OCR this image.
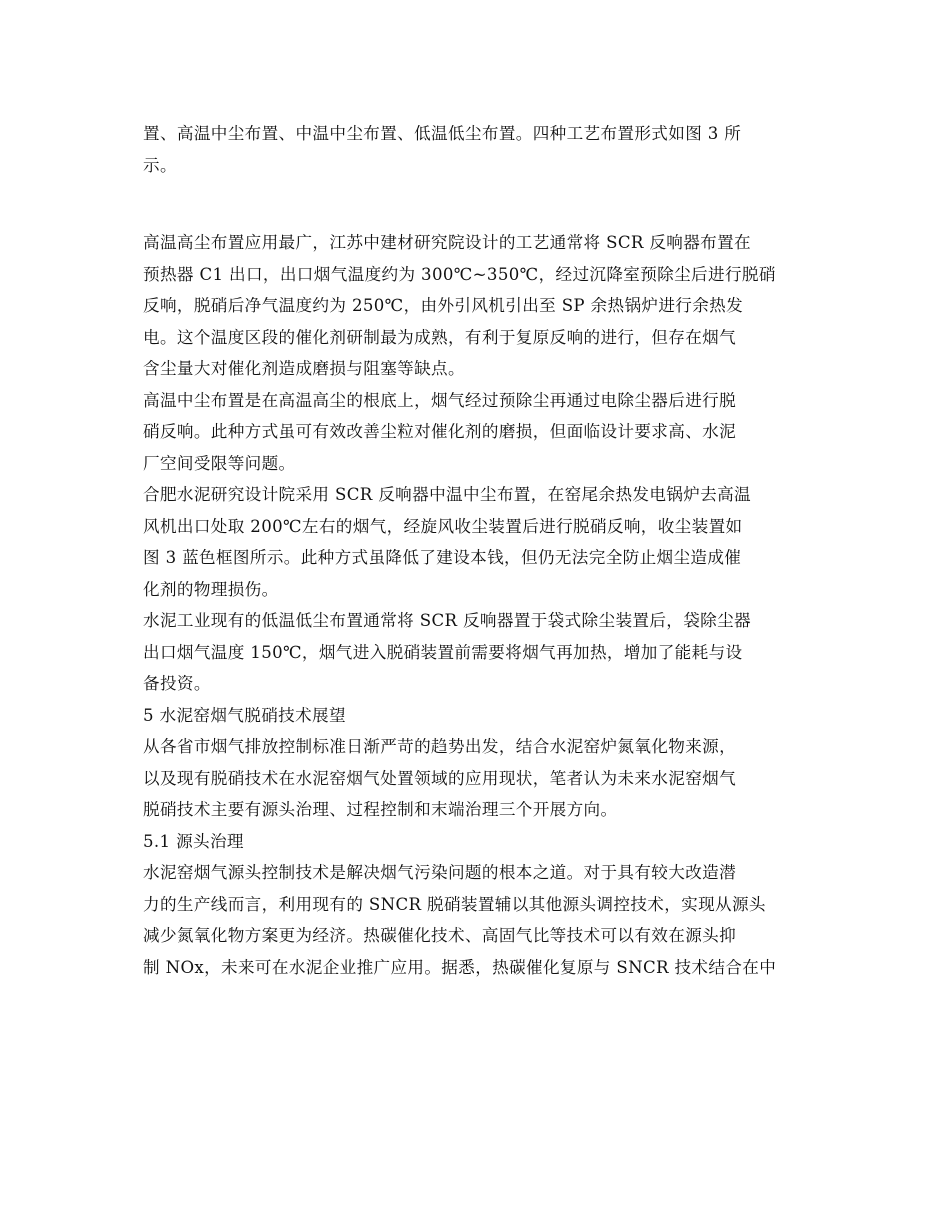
置、高温中尘布置、中温中尘布置、低温低尘布置。四种工艺布置形式如图 3 所
示。
高温高尘布置应用最广，江苏中建材研究院设计的工艺通常将 SCR 反响器布置在
预热器 C1 出口，出口烟气温度约为 300℃~350℃，经过沉降室预除尘后进行脱硝
反响，脱硝后净气温度约为 250℃，由外引风机引出至 SP 余热锅炉进行余热发
电。这个温度区段的催化剂研制最为成熟，有利于复原反响的进行，但存在烟气
含尘量大对催化剂造成磨损与阻塞等缺点。
高温中尘布置是在高温高尘的根底上，烟气经过预除尘再通过电除尘器后进行脱
硝反响。此种方式虽可有效改善尘粒对催化剂的磨损，但面临设计要求高、水泥
厂空间受限等问题。
合肥水泥研究设计院采用 SCR 反响器中温中尘布置，在窑尾余热发电锅炉去高温
风机出口处取 200℃左右的烟气，经旋风收尘装置后进行脱硝反响，收尘装置如
图 3 蓝色框图所示。此种方式虽降低了建设本钱，但仍无法完全防止烟尘造成催
化剂的物理损伤。
水泥工业现有的低温低尘布置通常将 SCR 反响器置于袋式除尘装置后，袋除尘器
出口烟气温度 150℃，烟气进入脱硝装置前需要将烟气再加热，增加了能耗与设
备投资。
5 水泥窑烟气脱硝技术展望
从各省市烟气排放控制标准日渐严苛的趋势出发，结合水泥窑炉氮氧化物来源，
以及现有脱硝技术在水泥窑烟气处置领域的应用现状，笔者认为未来水泥窑烟气
脱硝技术主要有源头治理、过程控制和末端治理三个开展方向。
5.1 源头治理
水泥窑烟气源头控制技术是解决烟气污染问题的根本之道。对于具有较大改造潜
力的生产线而言，利用现有的 SNCR 脱硝装置辅以其他源头调控技术，实现从源头
减少氮氧化物方案更为经济。热碳催化技术、高固气比等技术可以有效在源头抑
制 NOx，未来可在水泥企业推广应用。据悉，热碳催化复原与 SNCR 技术结合在中
